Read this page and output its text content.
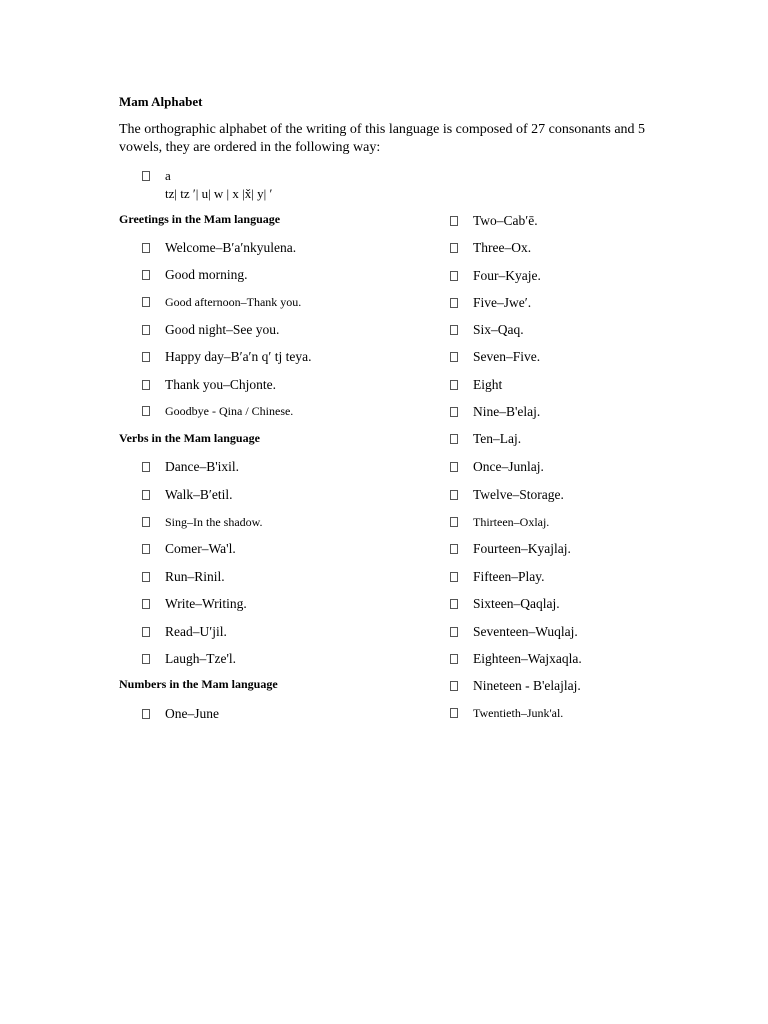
Mam Alphabet
The orthographic alphabet of the writing of this language is composed of 27 consonants and 5 vowels, they are ordered in the following way:
a
tz| tz ′| u| w | x |x̌| y| ′
Greetings in the Mam language
Welcome–B′a′nkyulena.
Good morning.
Good afternoon–Thank you.
Good night–See you.
Happy day–B′a′n q′ tj teya.
Thank you–Chjonte.
Goodbye - Qina / Chinese.
Verbs in the Mam language
Dance–B'ixil.
Walk–B′etil.
Sing–In the shadow.
Comer–Wa'l.
Run–Rinil.
Write–Writing.
Read–U′jil.
Laugh–Tze'l.
Numbers in the Mam language
One–June
Two–Cab′ē.
Three–Ox.
Four–Kyaje.
Five–Jwe′.
Six–Qaq.
Seven–Five.
Eight
Nine–B'elaj.
Ten–Laj.
Once–Junlaj.
Twelve–Storage.
Thirteen–Oxlaj.
Fourteen–Kyajlaj.
Fifteen–Play.
Sixteen–Qaqlaj.
Seventeen–Wuqlaj.
Eighteen–Wajxaqla.
Nineteen - B'elajlaj.
Twentieth–Junk'al.
